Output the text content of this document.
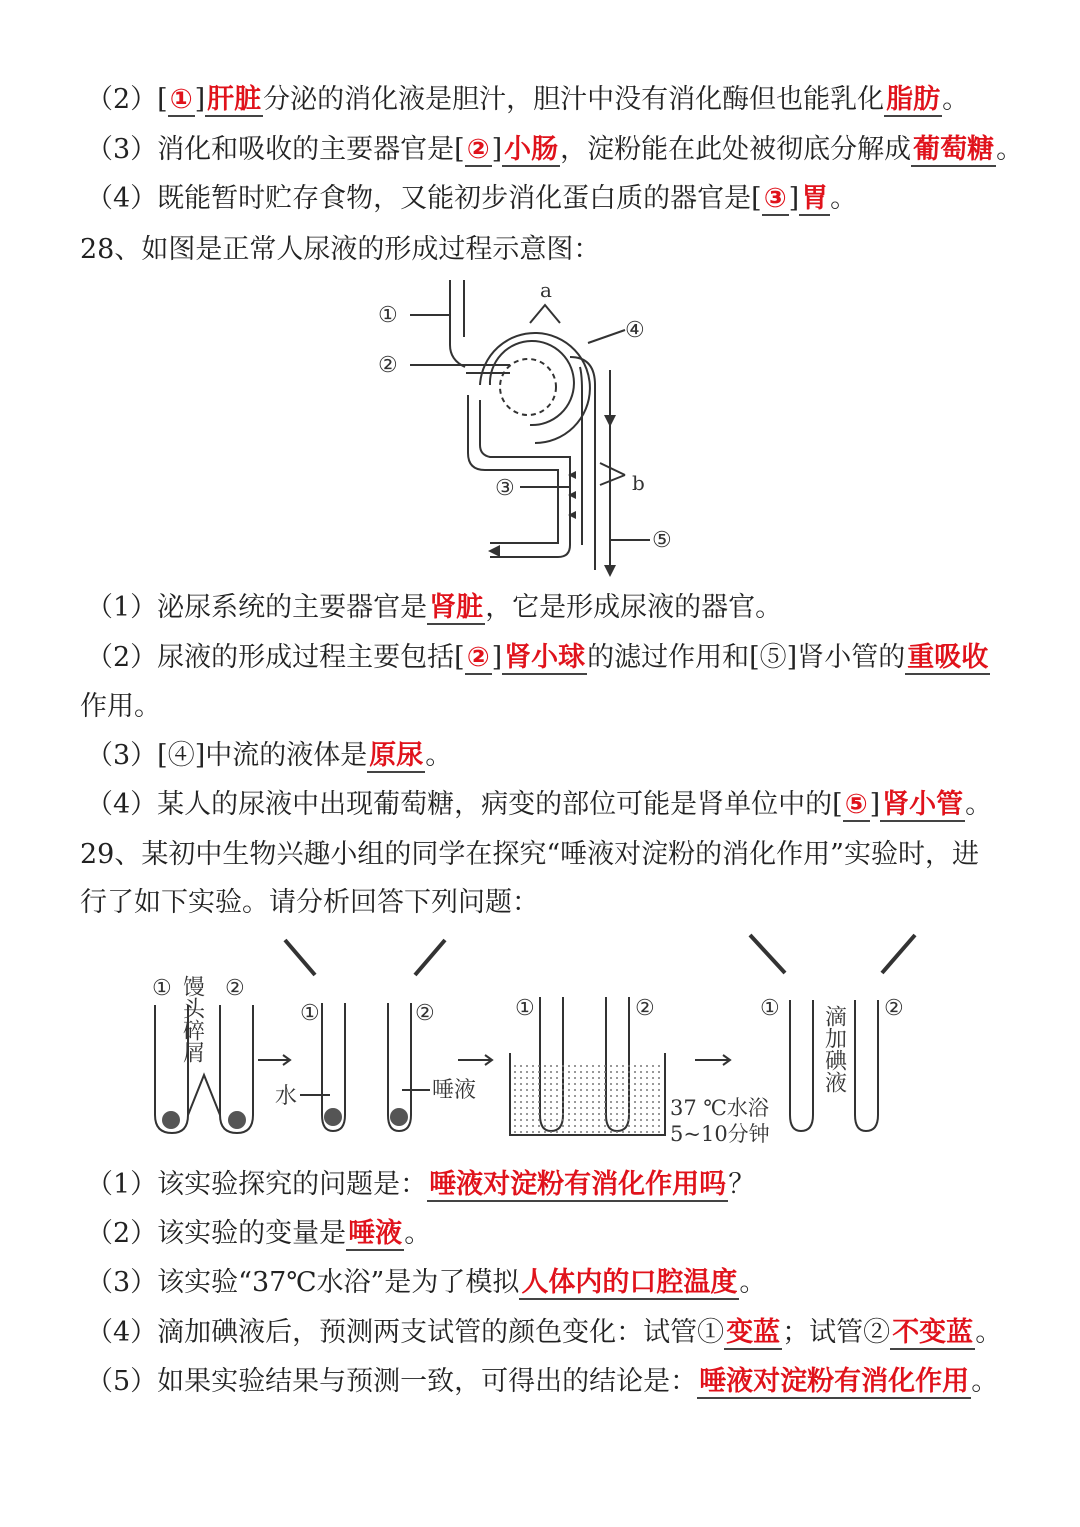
（2）[①]肝脏分泌的消化液是胆汁，胆汁中没有消化酶但也能乳化脂肪。
（3）消化和吸收的主要器官是[②]小肠，淀粉能在此处被彻底分解成葡萄糖。
（4）既能暂时贮存食物，又能初步消化蛋白质的器官是[③]胃。
28、如图是正常人尿液的形成过程示意图：
①
②
③
④
⑤
a
b
（1）泌尿系统的主要器官是肾脏，它是形成尿液的器官。
（2）尿液的形成过程主要包括[②]肾小球的滤过作用和[⑤]肾小管的重吸收
作用。
（3）[④]中流的液体是原尿。
（4）某人的尿液中出现葡萄糖，病变的部位可能是肾单位中的[⑤]肾小管。
29、某初中生物兴趣小组的同学在探究“唾液对淀粉的消化作用”实验时，进
行了如下实验。请分析回答下列问题：
① ②
①	②	①	②	①	②
馒头碎屑
水	唾液
37 ℃水浴
5~10分钟
滴加碘液
（1）该实验探究的问题是：唾液对淀粉有消化作用吗？
（2）该实验的变量是唾液。
（3）该实验“37℃水浴”是为了模拟人体内的口腔温度。
（4）滴加碘液后，预测两支试管的颜色变化：试管①变蓝；试管②不变蓝。
（5）如果实验结果与预测一致，可得出的结论是：唾液对淀粉有消化作用。
